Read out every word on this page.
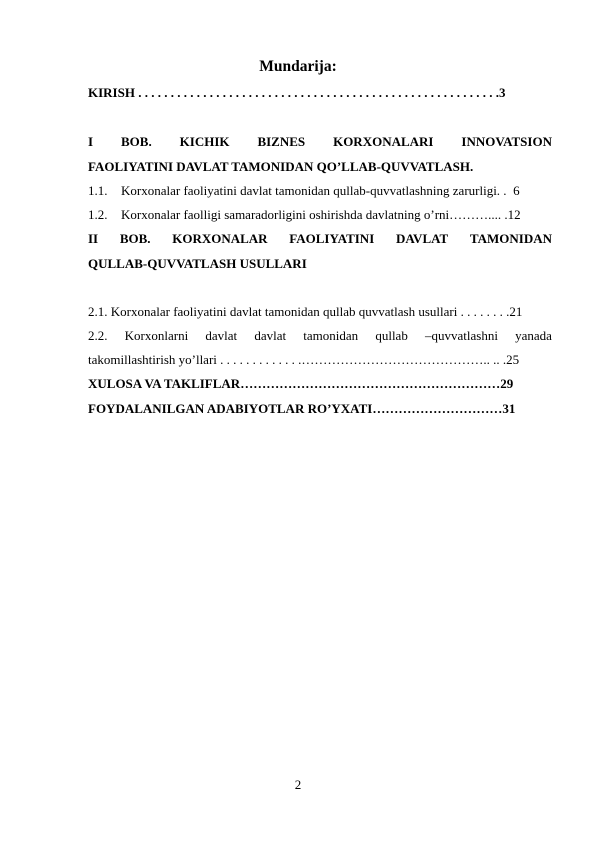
Mundarija:
KIRISH . . . . . . . . . . . . . . . . . . . . . . . . . . . . . . . . . . . . . . . . . . . . . . . . . . . . . . . .3
I BOB. KICHIK BIZNES KORXONALARI INNOVATSION
FAOLIYATINI DAVLAT TAMONIDAN QO’LLAB-QUVVATLASH.
1.1. Korxonalar faoliyatini davlat tamonidan qullab-quvvatlashning zarurligi. . 6
1.2. Korxonalar faolligi samaradorligini oshirishda davlatning o’rni……….... .12
II BOB. KORXONALAR FAOLIYATINI DAVLAT TAMONIDAN
QULLAB-QUVVATLASH USULLARI
2.1. Korxonalar faoliyatini davlat tamonidan qullab quvvatlash usullari . . . . . . . .21
2.2. Korxonlarni davlat davlat tamonidan qullab –quvvatlashni yanada
takomillashtirish yo’llari . . . . . . . . . . . . .…………………………………….. .. .25
XULOSA VA TAKLIFLAR……………………………………………………29
FOYDALANILGAN ADABIYOTLAR RO’YXATI…………………………31
2
